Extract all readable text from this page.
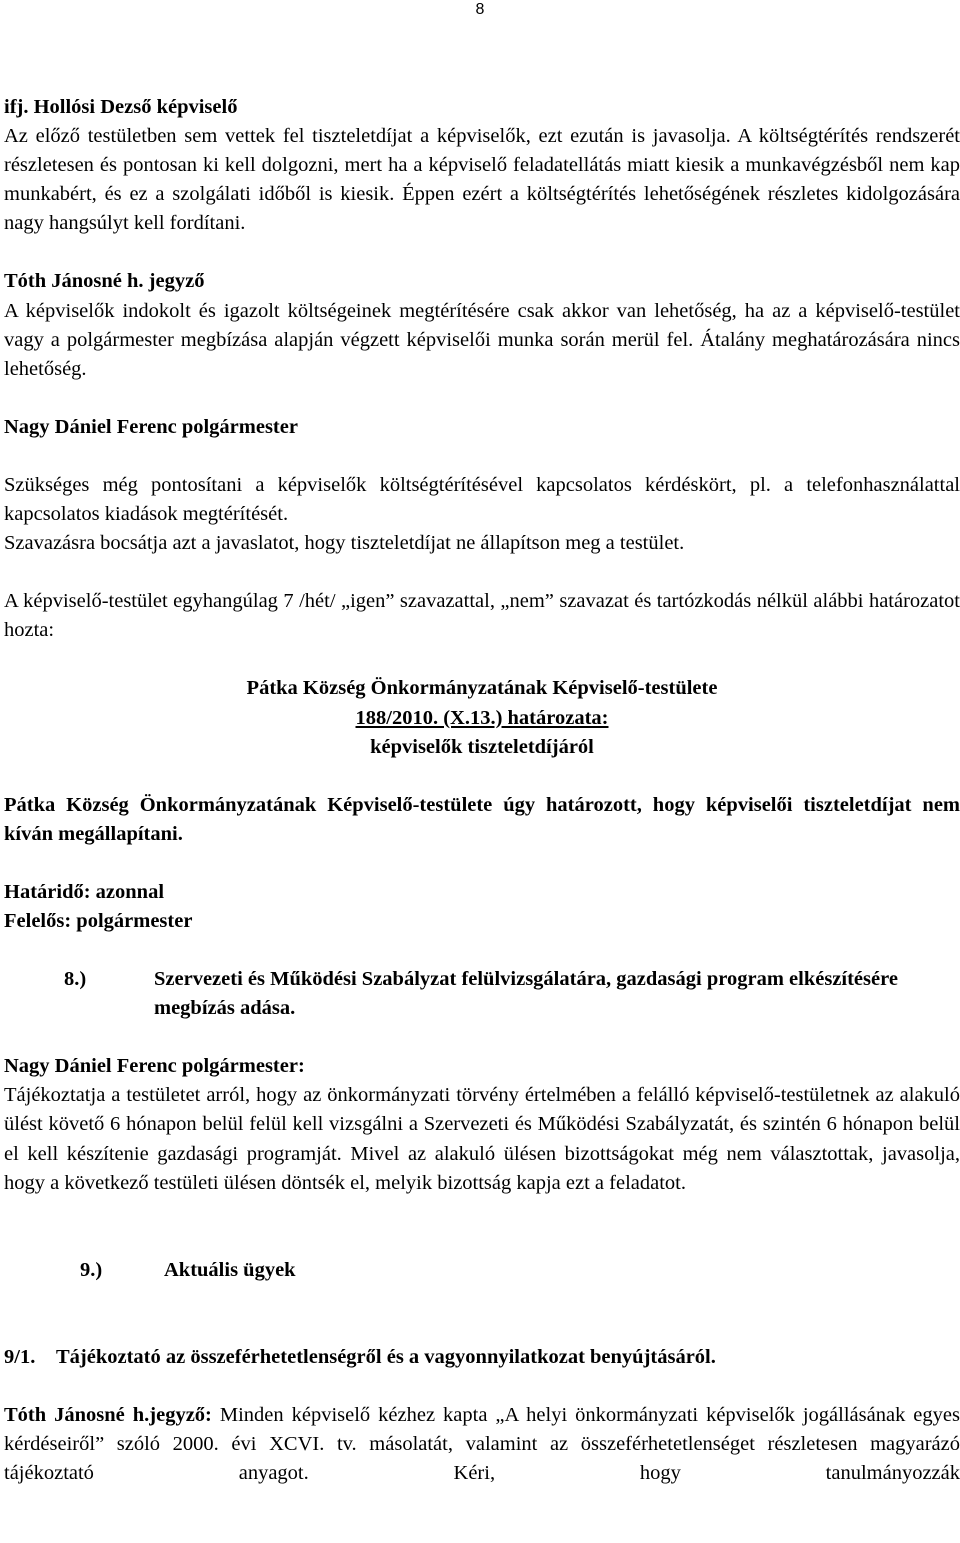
8

ifj. Hollósi Dezső képviselő

Az előző testületben sem vettek fel tiszteletdíjat a képviselők, ezt ezután is javasolja. A költségtérítés rendszerét részletesen és pontosan ki kell dolgozni, mert ha a képviselő feladatellátás miatt kiesik a munkavégzésből nem kap munkabért, és ez a szolgálati időből is kiesik. Éppen ezért a költségtérítés lehetőségének részletes kidolgozására nagy hangsúlyt kell fordítani.

Tóth Jánosné h. jegyző

A képviselők indokolt és igazolt költségeinek megtérítésére csak akkor van lehetőség, ha az a képviselő-testület vagy a polgármester megbízása alapján végzett képviselői munka során merül fel. Átalány meghatározására nincs lehetőség.

Nagy Dániel Ferenc polgármester

Szükséges még pontosítani a képviselők költségtérítésével kapcsolatos kérdéskört, pl. a telefonhasználattal kapcsolatos kiadások megtérítését.

Szavazásra bocsátja azt a javaslatot, hogy tiszteletdíjat ne állapítson meg a testület.

A képviselő-testület egyhangúlag 7 /hét/ „igen” szavazattal, „nem” szavazat és tartózkodás nélkül alábbi határozatot hozta:

Pátka Község Önkormányzatának Képviselő-testülete

188/2010. (X.13.) határozata:

képviselők tiszteletdíjáról

Pátka Község Önkormányzatának Képviselő-testülete úgy határozott, hogy képviselői tiszteletdíjat nem kíván megállapítani.

Határidő: azonnal

Felelős: polgármester

8.)	Szervezeti és Működési Szabályzat felülvizsgálatára, gazdasági program elkészítésére megbízás adása.

Nagy Dániel Ferenc polgármester:

Tájékoztatja a testületet arról, hogy az önkormányzati törvény értelmében a felálló képviselő-testületnek az alakuló ülést követő 6 hónapon belül felül kell vizsgálni a Szervezeti és Működési Szabályzatát, és szintén 6 hónapon belül el kell készítenie gazdasági programját. Mivel az alakuló ülésen bizottságokat még nem választottak, javasolja, hogy a következő testületi ülésen döntsék el, melyik bizottság kapja ezt a feladatot.

9.)	Aktuális ügyek
9/1.	Tájékoztató az összeférhetetlenségről és a vagyonnyilatkozat benyújtásáról.

Tóth Jánosné h.jegyző: Minden képviselő kézhez kapta „A helyi önkormányzati képviselők jogállásának egyes kérdéseiről” szóló 2000. évi XCVI. tv. másolatát, valamint az összeférhetetlenséget részletesen magyarázó tájékoztató anyagot. Kéri, hogy tanulmányozzák
